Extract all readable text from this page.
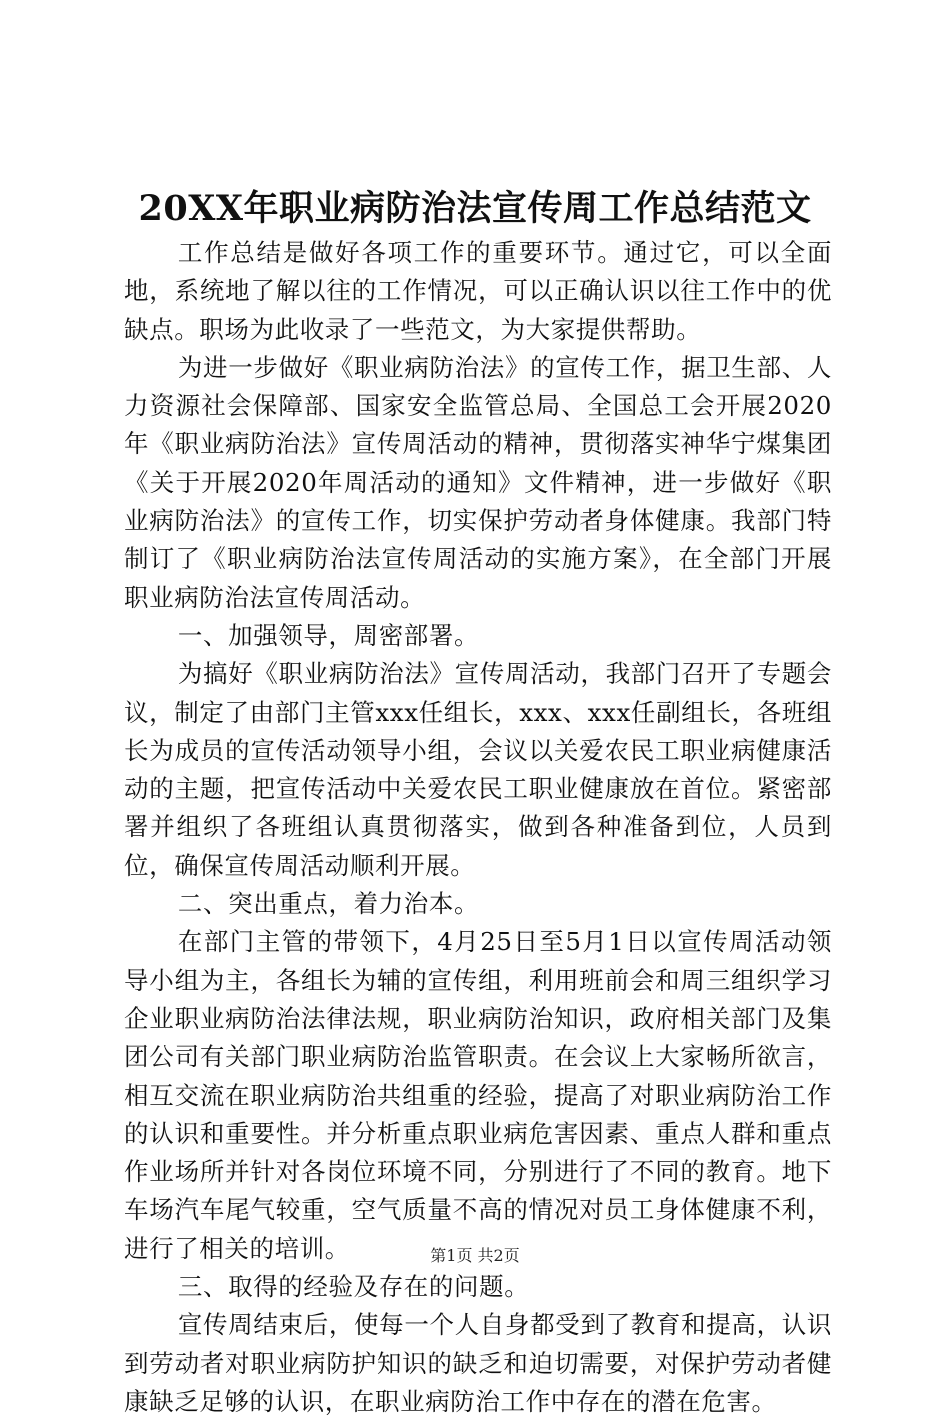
20XX年职业病防治法宣传周工作总结范文

工作总结是做好各项工作的重要环节。通过它，可以全面地，系统地了解以往的工作情况，可以正确认识以往工作中的优缺点。职场为此收录了一些范文，为大家提供帮助。

为进一步做好《职业病防治法》的宣传工作，据卫生部、人力资源社会保障部、国家安全监管总局、全国总工会开展2020年《职业病防治法》宣传周活动的精神，贯彻落实神华宁煤集团《关于开展2020年周活动的通知》文件精神，进一步做好《职业病防治法》的宣传工作，切实保护劳动者身体健康。我部门特制订了《职业病防治法宣传周活动的实施方案》，在全部门开展职业病防治法宣传周活动。

一、加强领导，周密部署。

为搞好《职业病防治法》宣传周活动，我部门召开了专题会议，制定了由部门主管xxx任组长，xxx、xxx任副组长，各班组长为成员的宣传活动领导小组，会议以关爱农民工职业病健康活动的主题，把宣传活动中关爱农民工职业健康放在首位。紧密部署并组织了各班组认真贯彻落实，做到各种准备到位，人员到位，确保宣传周活动顺利开展。

二、突出重点，着力治本。

在部门主管的带领下，4月25日至5月1日以宣传周活动领导小组为主，各组长为辅的宣传组，利用班前会和周三组织学习企业职业病防治法律法规，职业病防治知识，政府相关部门及集团公司有关部门职业病防治监管职责。在会议上大家畅所欲言，相互交流在职业病防治共组重的经验，提高了对职业病防治工作的认识和重要性。并分析重点职业病危害因素、重点人群和重点作业场所并针对各岗位环境不同，分别进行了不同的教育。地下车场汽车尾气较重，空气质量不高的情况对员工身体健康不利，进行了相关的培训。

三、取得的经验及存在的问题。

宣传周结束后，使每一个人自身都受到了教育和提高，认识到劳动者对职业病防护知识的缺乏和迫切需要，对保护劳动者健康缺乏足够的认识，在职业病防治工作中存在的潜在危害。

第1页 共2页
